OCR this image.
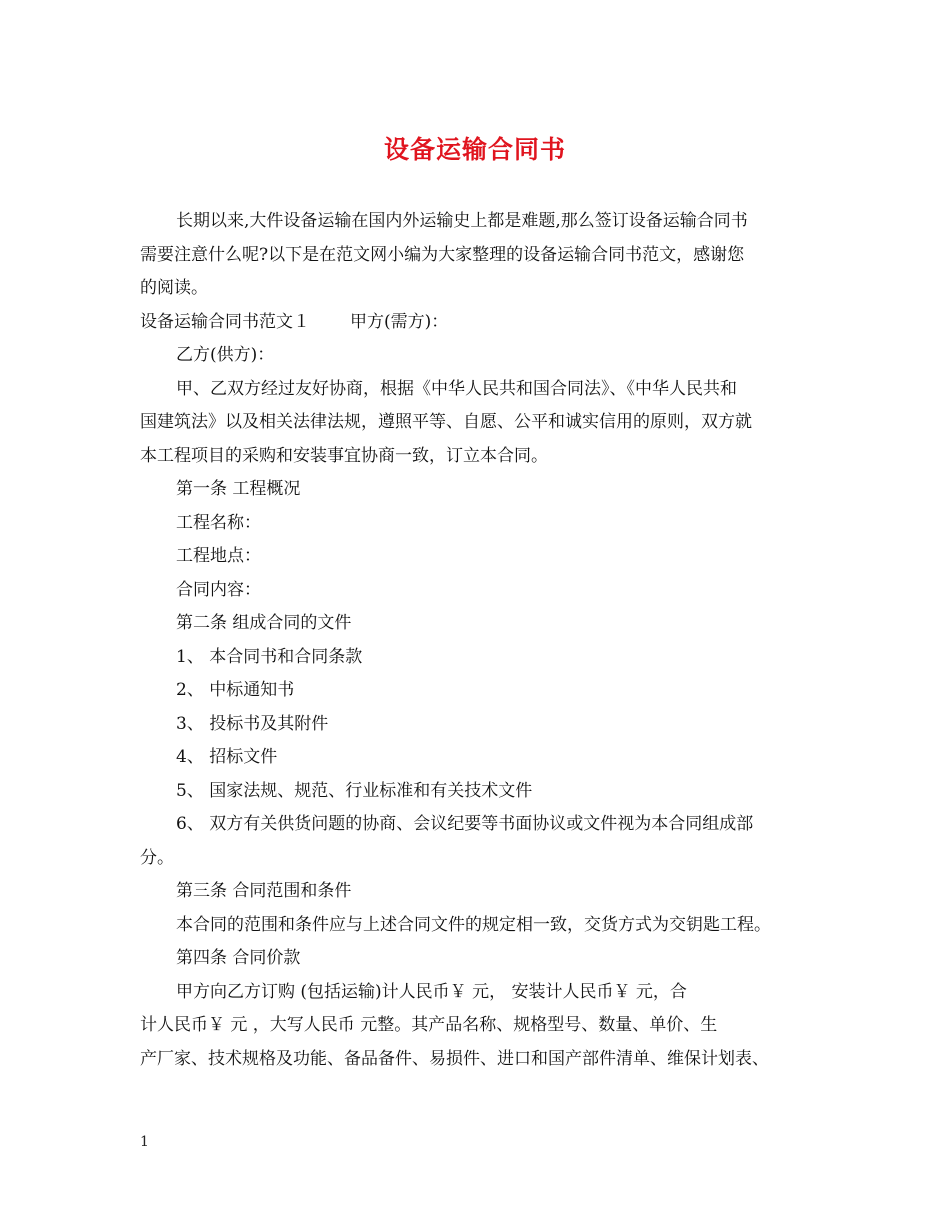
设备运输合同书

长期以来,大件设备运输在国内外运输史上都是难题,那么签订设备运输合同书

需要注意什么呢?以下是在范文网小编为大家整理的设备运输合同书范文，感谢您
的阅读。

设备运输合同书范文１ 甲方(需方)：

乙方(供方)：

甲、乙双方经过友好协商，根据《中华人民共和国合同法》、《中华人民共和

国建筑法》以及相关法律法规，遵照平等、自愿、公平和诚实信用的原则，双方就
本工程项目的采购和安装事宜协商一致，订立本合同。

第一条 工程概况

工程名称：

工程地点：

合同内容：

第二条 组成合同的文件

1、 本合同书和合同条款

2、 中标通知书

3、 投标书及其附件

4、 招标文件

5、 国家法规、规范、行业标准和有关技术文件

6、 双方有关供货问题的协商、会议纪要等书面协议或文件视为本合同组成部

分。

第三条 合同范围和条件

本合同的范围和条件应与上述合同文件的规定相一致，交货方式为交钥匙工程。

第四条 合同价款

甲方向乙方订购 (包括运输)计人民币￥ 元， 安装计人民币￥ 元，合

计人民币￥ 元 ，大写人民币 元整。其产品名称、规格型号、数量、单价、生
产厂家、技术规格及功能、备品备件、易损件、进口和国产部件清单、维保计划表、

1
